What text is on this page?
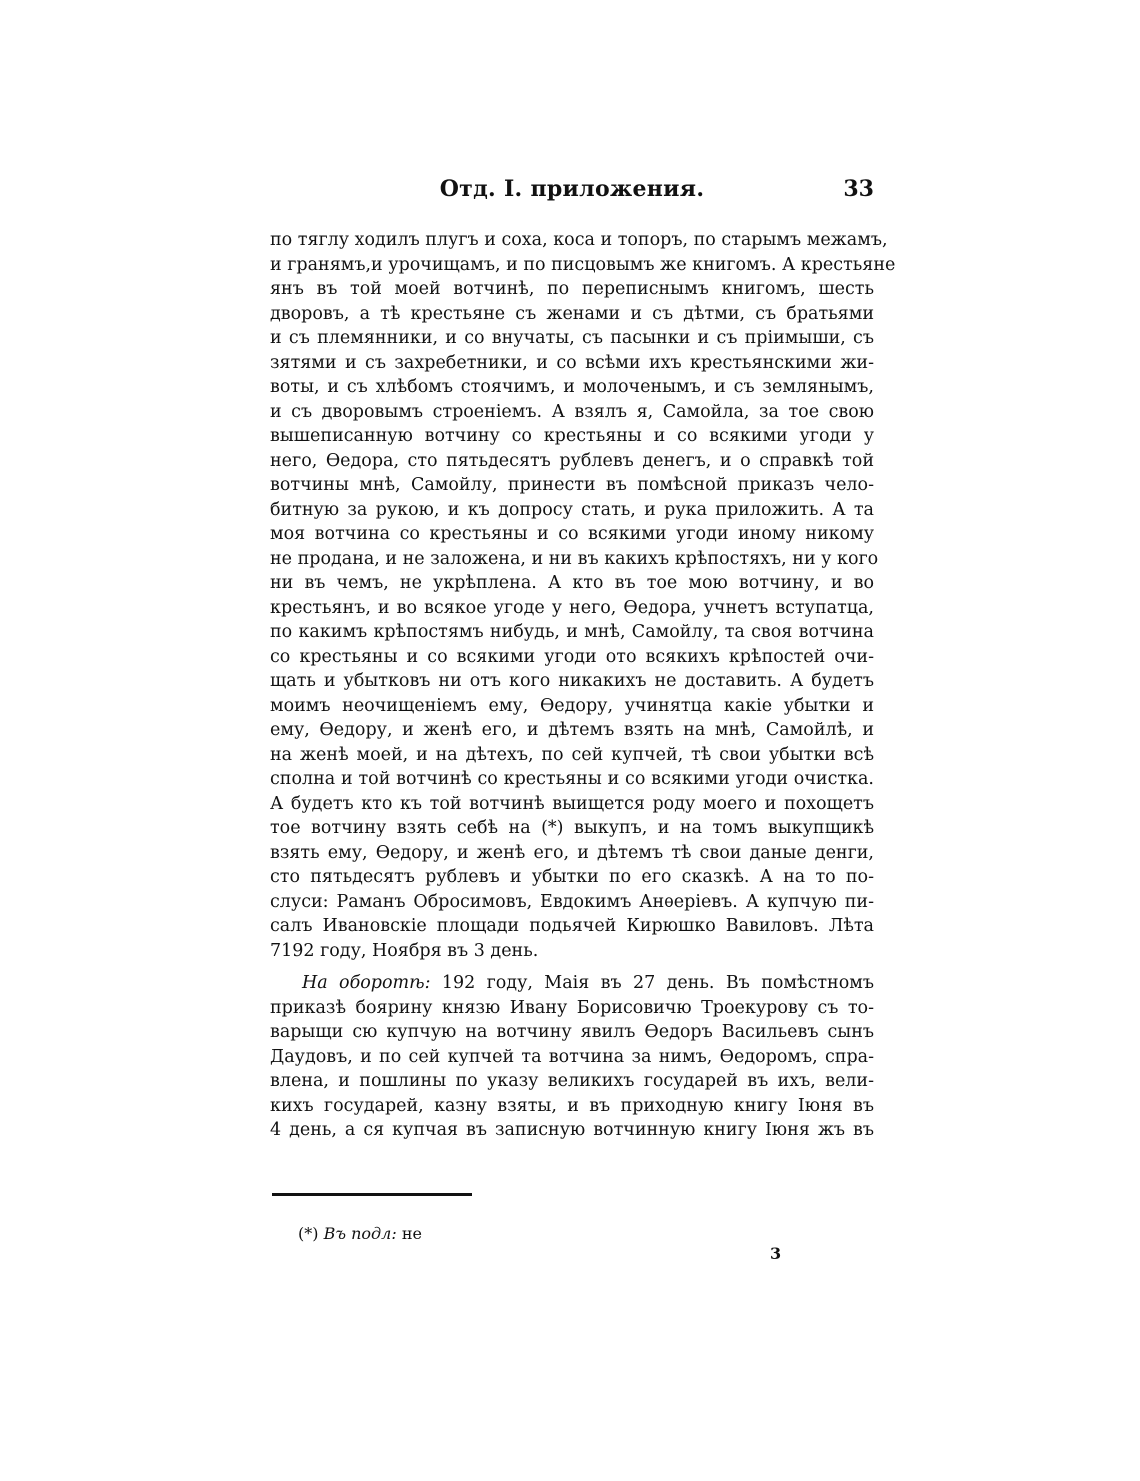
Отд. I. приложения.	33
по тяглу ходилъ плугъ и соха, коса и топоръ, по старымъ межамъ,
и гранямъ,и урочищамъ, и по писцовымъ же книгомъ. А крестьяне
янъ въ той моей вотчинѣ, по переписнымъ книгомъ, шесть
дворовъ, а тѣ крестьяне съ женами и съ дѣтми, съ братьями
и съ племянники, и со внучаты, съ пасынки и съ пріимыши, съ
зятями и съ захребетники, и со всѣми ихъ крестьянскими жи-
воты, и съ хлѣбомъ стоячимъ, и молоченымъ, и съ землянымъ,
и съ дворовымъ строеніемъ. А взялъ я, Самойла, за тое свою
вышеписанную вотчину со крестьяны и со всякими угоди у
него, Ѳедора, сто пятьдесятъ рублевъ денегъ, и о справкѣ той
вотчины мнѣ, Самойлу, принести въ помѣсной приказъ чело-
битную за рукою, и къ допросу стать, и рука приложить. А та
моя вотчина со крестьяны и со всякими угоди иному никому
не продана, и не заложена, и ни въ какихъ крѣпостяхъ, ни у кого
ни въ чемъ, не укрѣплена. А кто въ тое мою вотчину, и во
крестьянъ, и во всякое угоде у него, Ѳедора, учнетъ вступатца,
по какимъ крѣпостямъ нибудь, и мнѣ, Самойлу, та своя вотчина
со крестьяны и со всякими угоди ото всякихъ крѣпостей очи-
щать и убытковъ ни отъ кого никакихъ не доставить. А будетъ
моимъ неочищеніемъ ему, Ѳедору, учинятца какіе убытки и
ему, Ѳедору, и женѣ его, и дѣтемъ взять на мнѣ, Самойлѣ, и
на женѣ моей, и на дѣтехъ, по сей купчей, тѣ свои убытки всѣ
сполна и той вотчинѣ со крестьяны и со всякими угоди очистка.
А будетъ кто къ той вотчинѣ выищется роду моего и похощетъ
тое вотчину взять себѣ на (*) выкупъ, и на томъ выкупщикѣ
взять ему, Ѳедору, и женѣ его, и дѣтемъ тѣ свои даные денги,
сто пятьдесятъ рублевъ и убытки по его сказкѣ. А на то по-
слуси: Раманъ Обросимовъ, Евдокимъ Анѳеріевъ. А купчую пи-
салъ Ивановскіе площади подьячей Кирюшко Вавиловъ. Лѣта
7192 году, Ноября въ 3 день.
На оборотѣ: 192 году, Маія въ 27 день. Въ помѣстномъ
приказѣ боярину князю Ивану Борисовичю Троекурову съ то-
варыщи сю купчую на вотчину явилъ Ѳедоръ Васильевъ сынъ
Даудовъ, и по сей купчей та вотчина за нимъ, Ѳедоромъ, спра-
влена, и пошлины по указу великихъ государей въ ихъ, вели-
кихъ государей, казну взяты, и въ приходную книгу Іюня въ
4 день, а ся купчая въ записную вотчинную книгу Іюня жъ въ
(*) Въ подл: не
3
